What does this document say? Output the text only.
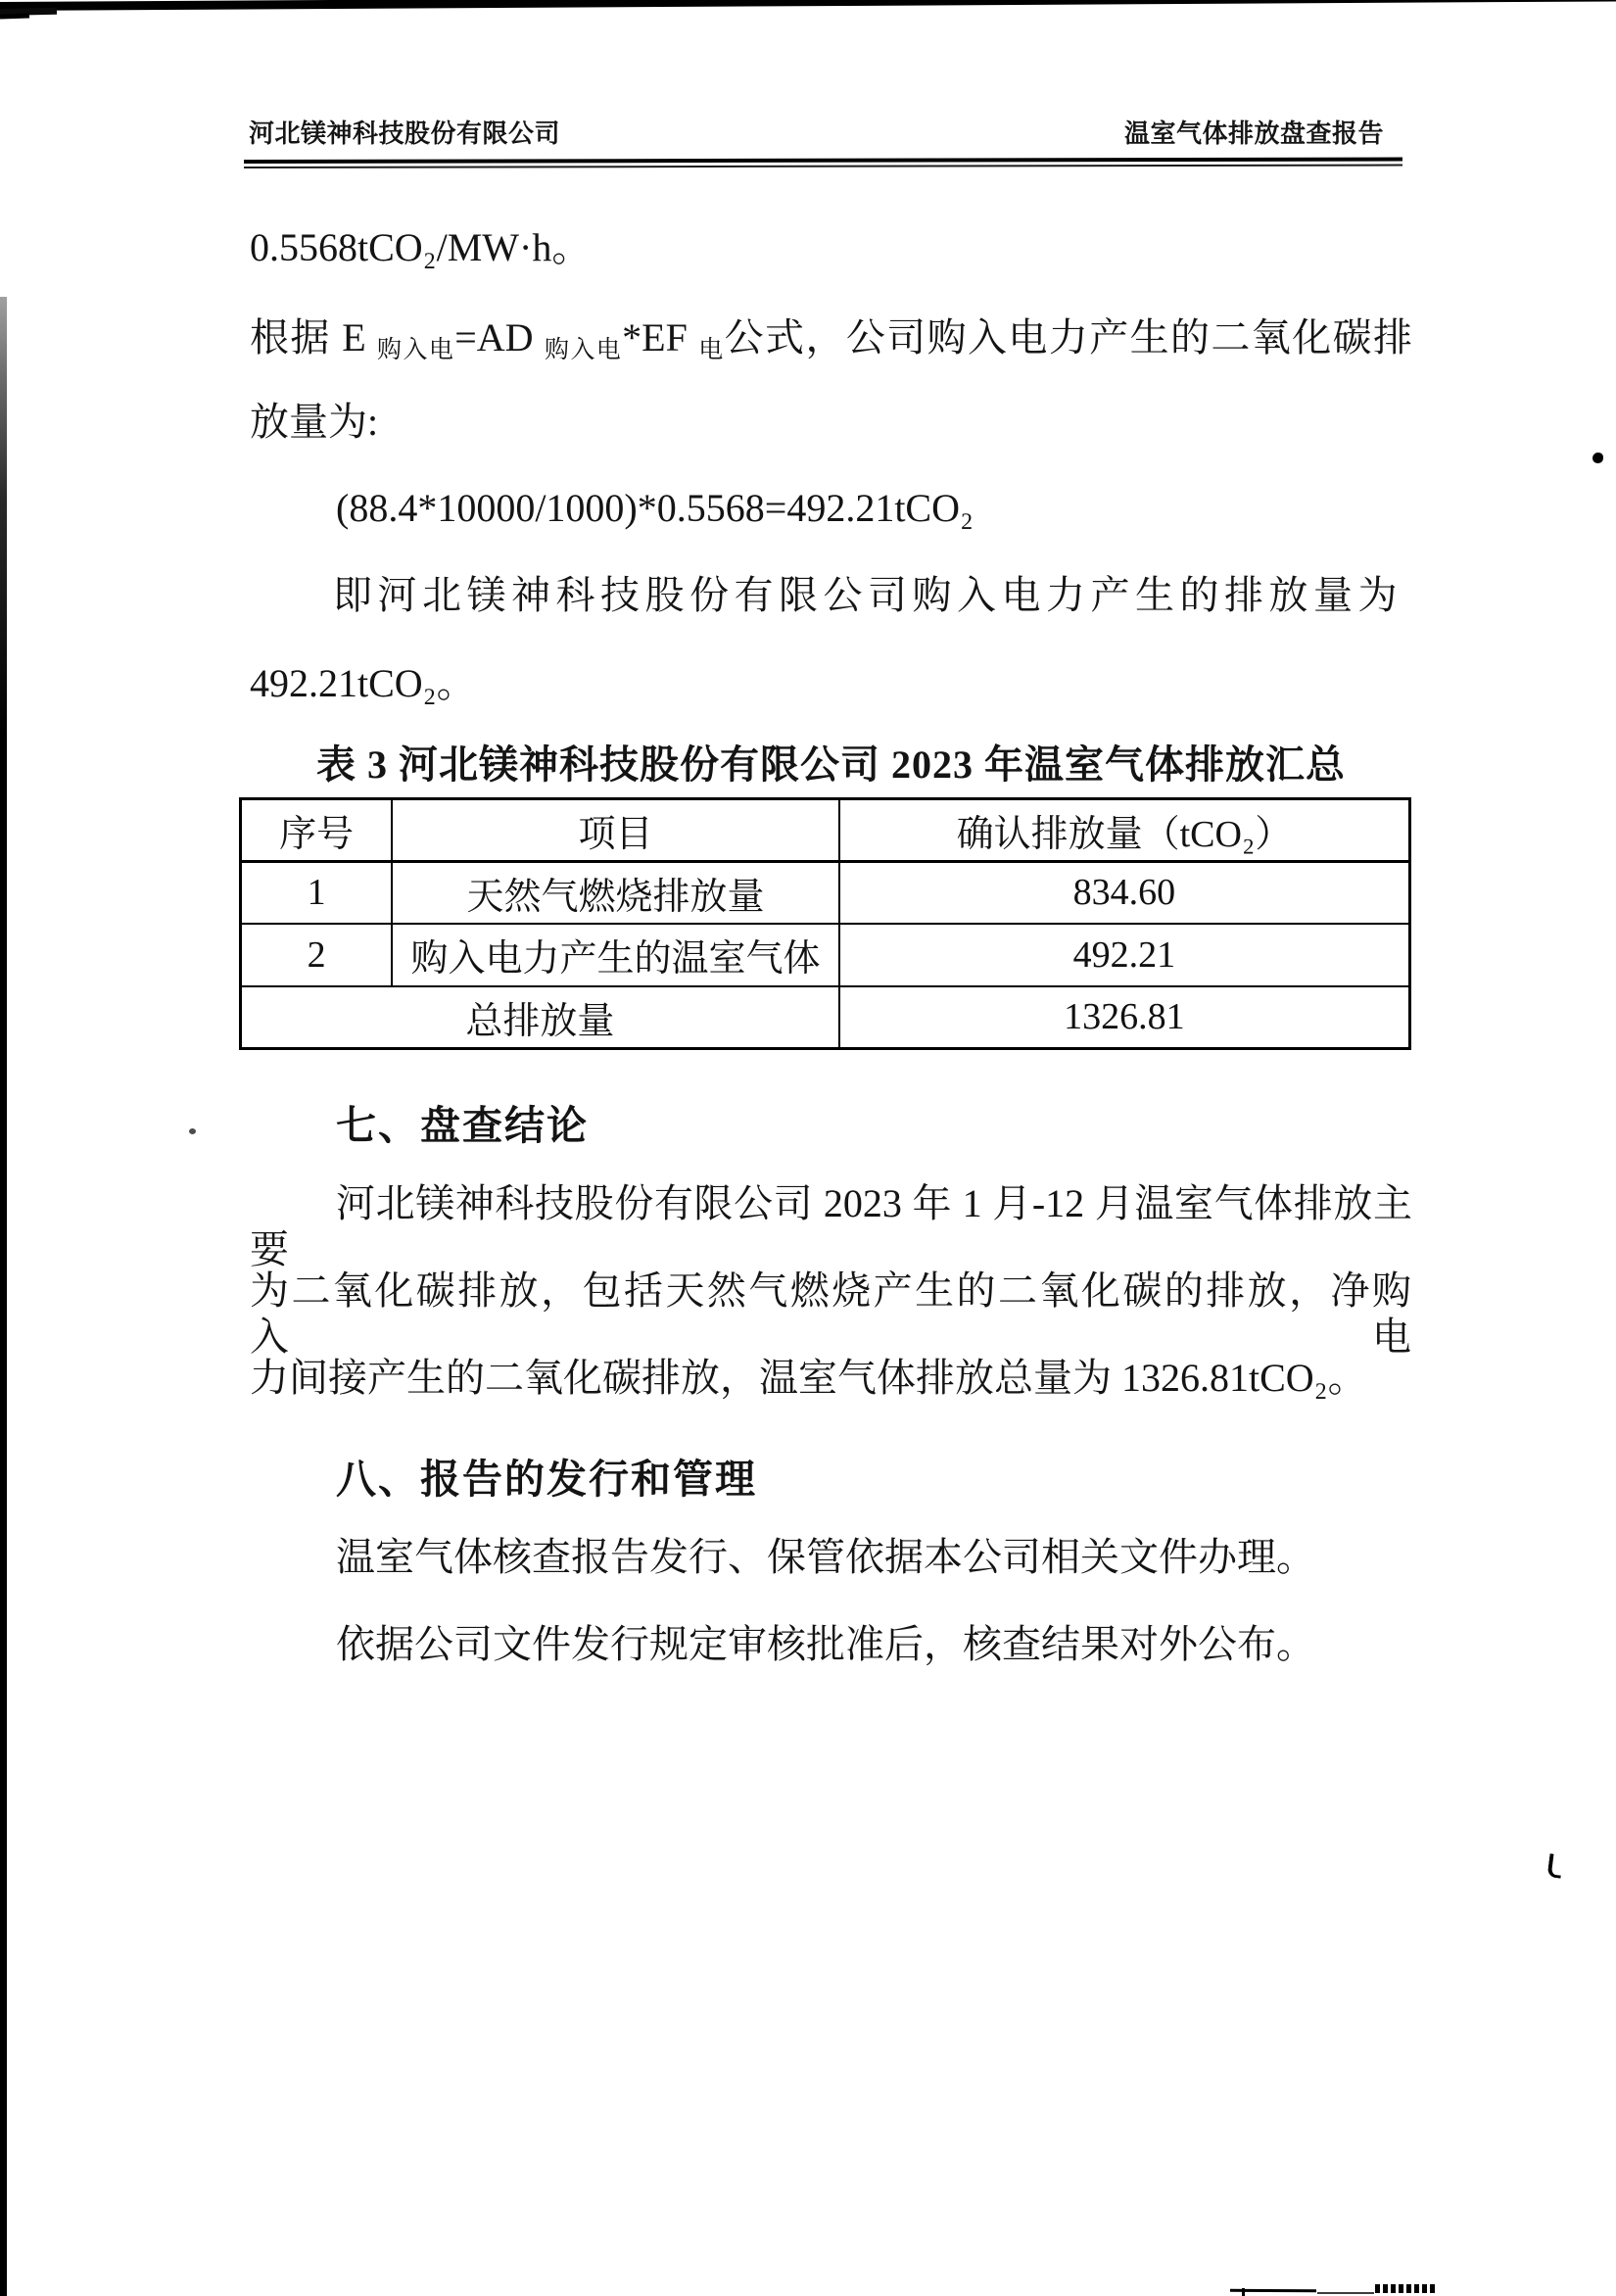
河北镁神科技股份有限公司	温室气体排放盘查报告
0.5568tCO₂/MW·h。
根据 E 购入电=AD 购入电*EF 电公式，公司购入电力产生的二氧化碳排
放量为:
(88.4*10000/1000)*0.5568=492.21tCO₂
即河北镁神科技股份有限公司购入电力产生的排放量为
492.21tCO₂。
表 3 河北镁神科技股份有限公司 2023 年温室气体排放汇总
序号	项目	确认排放量（tCO₂）
1	天然气燃烧排放量	834.60
2	购入电力产生的温室气体	492.21
总排放量		1326.81
七、盘查结论
河北镁神科技股份有限公司 2023 年 1 月-12 月温室气体排放主要
为二氧化碳排放，包括天然气燃烧产生的二氧化碳的排放，净购入电
力间接产生的二氧化碳排放，温室气体排放总量为 1326.81tCO₂。
八、报告的发行和管理
温室气体核查报告发行、保管依据本公司相关文件办理。
依据公司文件发行规定审核批准后，核查结果对外公布。
